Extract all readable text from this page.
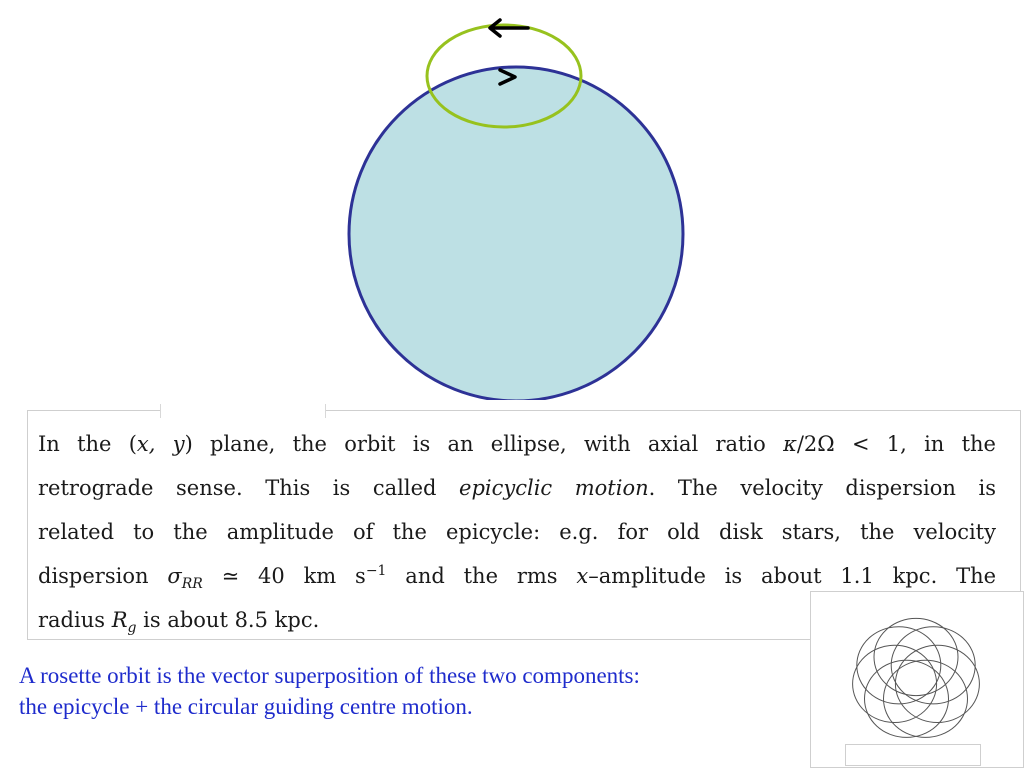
In the (x, y) plane, the orbit is an ellipse, with axial ratio κ/2Ω < 1, in the
retrograde sense. This is called epicyclic motion. The velocity dispersion is
related to the amplitude of the epicycle: e.g. for old disk stars, the velocity
dispersion $\sigma_{RR}$ ≃ 40 km $s^{-1}$ and the rms x–amplitude is about 1.1 kpc. The
radius $R_g$ is about 8.5 kpc.
A rosette orbit is the vector superposition of these two components:
the epicycle + the circular guiding centre motion.
